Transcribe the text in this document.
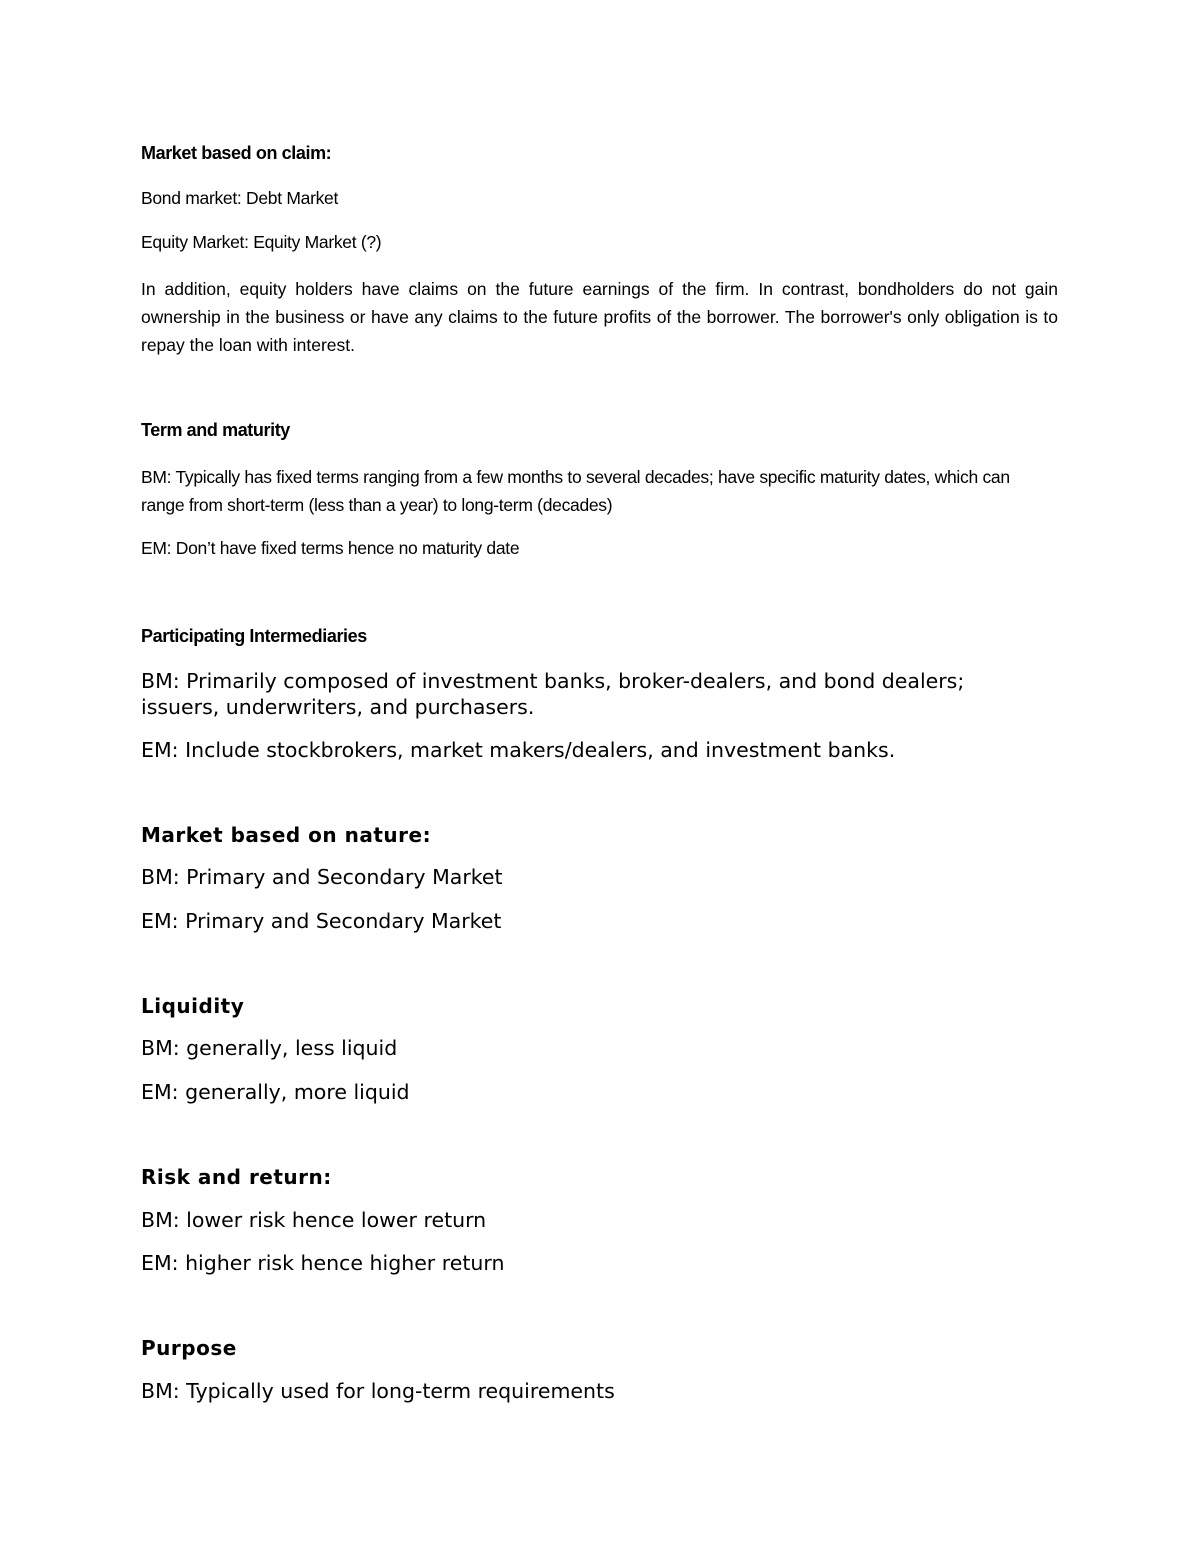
Market based on claim:
Bond market: Debt Market
Equity Market: Equity Market (?)
In addition, equity holders have claims on the future earnings of the firm. In contrast, bondholders do not gain ownership in the business or have any claims to the future profits of the borrower. The borrower's only obligation is to repay the loan with interest.
Term and maturity
BM: Typically has fixed terms ranging from a few months to several decades; have specific maturity dates, which can range from short-term (less than a year) to long-term (decades)
EM: Don’t have fixed terms hence no maturity date
Participating Intermediaries
BM: Primarily composed of investment banks, broker-dealers, and bond dealers; issuers, underwriters, and purchasers.
EM: Include stockbrokers, market makers/dealers, and investment banks.
Market based on nature:
BM: Primary and Secondary Market
EM: Primary and Secondary Market
Liquidity
BM: generally, less liquid
EM: generally, more liquid
Risk and return:
BM: lower risk hence lower return
EM: higher risk hence higher return
Purpose
BM: Typically used for long-term requirements
